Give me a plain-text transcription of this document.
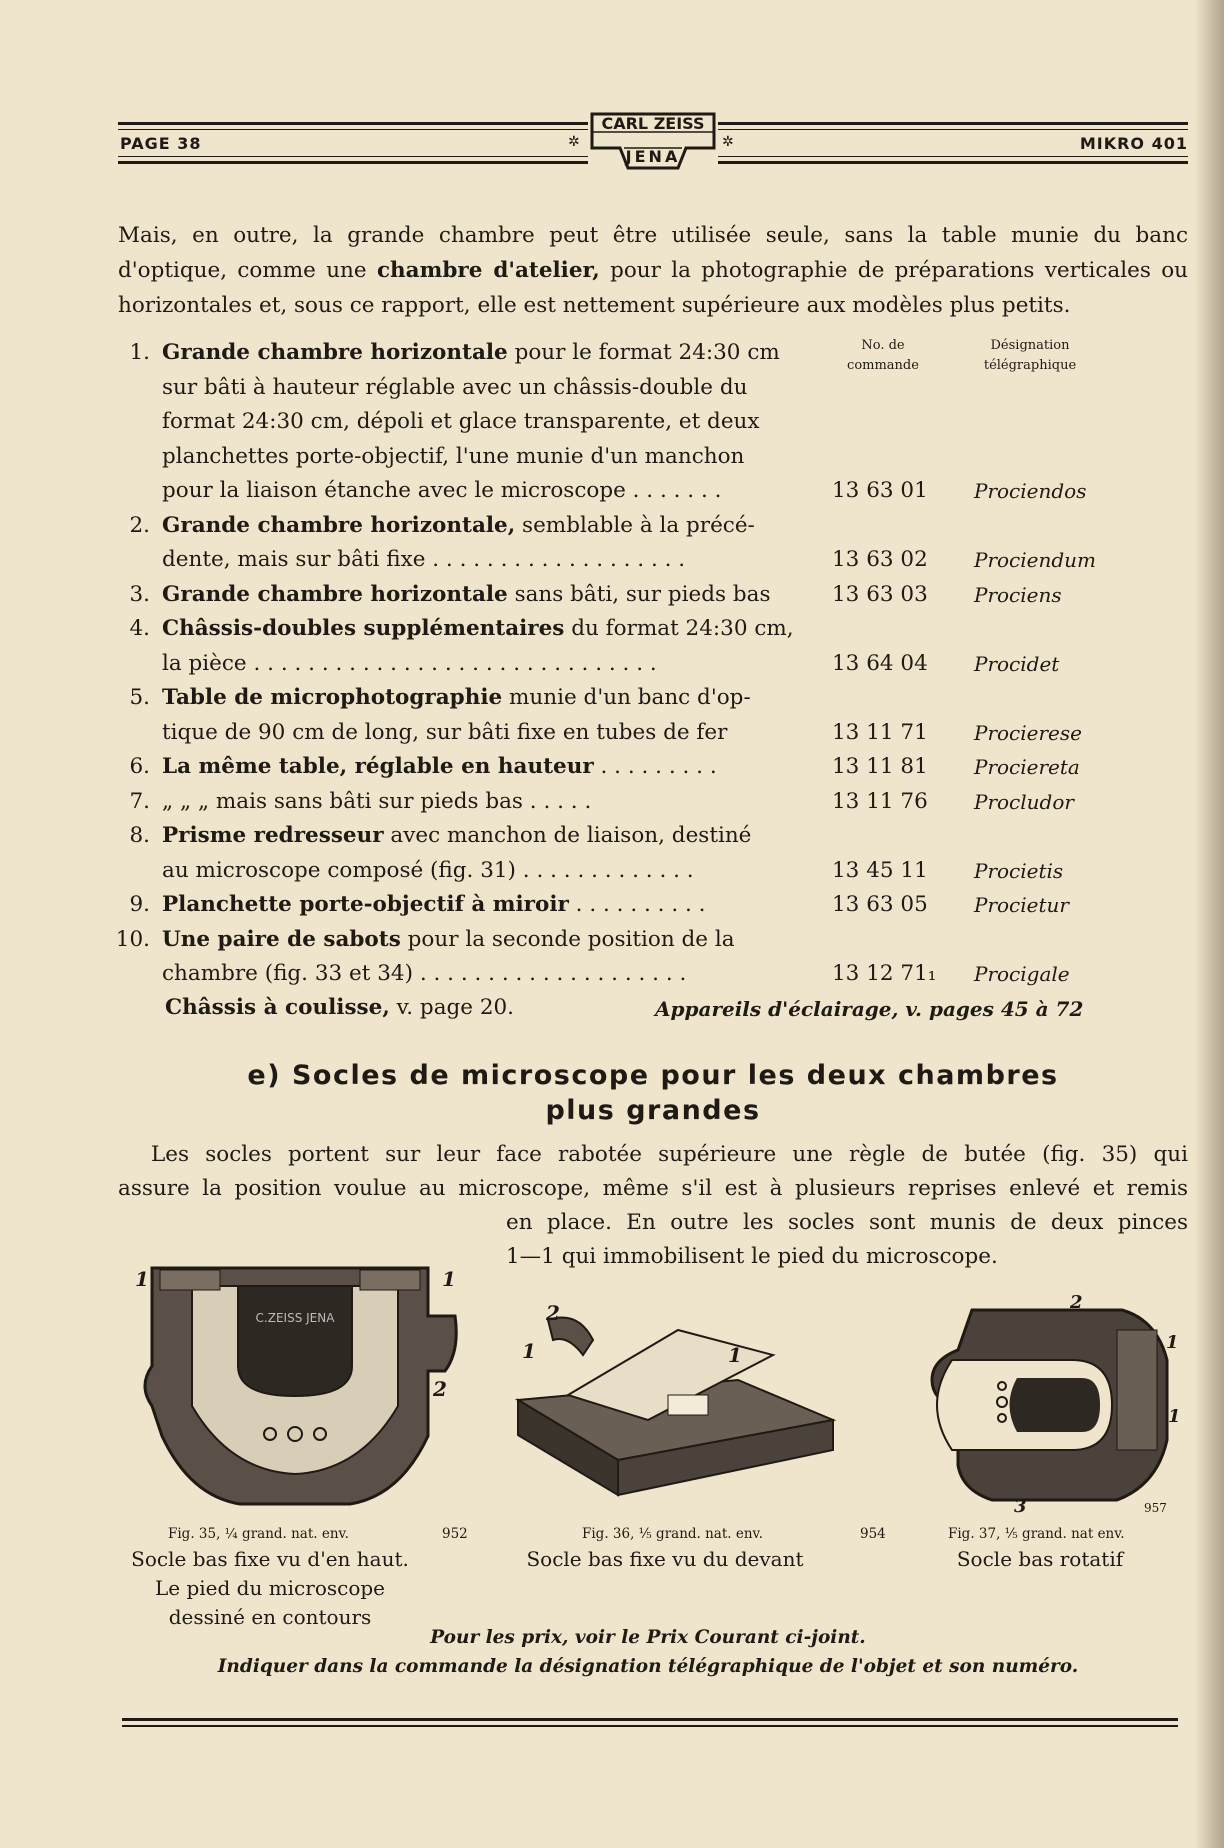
PAGE 38	✲	✲	MIKRO 401
CARL ZEISS
JENA
Mais, en outre, la grande chambre peut être utilisée seule, sans la table munie du banc d'optique, comme une chambre d'atelier, pour la photographie de préparations verticales ou horizontales et, sous ce rapport, elle est nettement supérieure aux modèles plus petits.
No. de
commande
Désignation
télégraphique
1. Grande chambre horizontale pour le format 24:30 cm
sur bâti à hauteur réglable avec un châssis-double du
format 24:30 cm, dépoli et glace transparente, et deux
planchettes porte-objectif, l'une munie d'un manchon
pour la liaison étanche avec le microscope . . . . . . .	13 63 01	Prociendos
2. Grande chambre horizontale, semblable à la précé-
dente, mais sur bâti fixe . . . . . . . . . . . . . . . . . . .	13 63 02	Prociendum
3. Grande chambre horizontale sans bâti, sur pieds bas	13 63 03	Prociens
4. Châssis-doubles supplémentaires du format 24:30 cm,
la pièce . . . . . . . . . . . . . . . . . . . . . . . . . . . . . .	13 64 04	Procidet
5. Table de microphotographie munie d'un banc d'op-
tique de 90 cm de long, sur bâti fixe en tubes de fer	13 11 71	Procierese
6. La même table, réglable en hauteur . . . . . . . . .	13 11 81	Prociereta
7. „ „ „ mais sans bâti sur pieds bas . . . . .	13 11 76	Procludor
8. Prisme redresseur avec manchon de liaison, destiné
au microscope composé (fig. 31) . . . . . . . . . . . . .	13 45 11	Procietis
9. Planchette porte-objectif à miroir . . . . . . . . . .	13 63 05	Procietur
10. Une paire de sabots pour la seconde position de la
chambre (fig. 33 et 34) . . . . . . . . . . . . . . . . . . . .	13 12 71₁ Procigale
Châssis à coulisse, v. page 20.	Appareils d'éclairage, v. pages 45 à 72
e) Socles de microscope pour les deux chambres
plus grandes
Les socles portent sur leur face rabotée supérieure une règle de butée (fig. 35) qui
assure la position voulue au microscope, même s'il est à plusieurs reprises enlevé et remis
en place. En outre les socles sont munis de deux pinces
1—1 qui immobilisent le pied du microscope.
C.ZEISS JENA
1	1
2
Fig. 35, ¼ grand. nat. env.	952
Socle bas fixe vu d'en haut.
Le pied du microscope
dessiné en contours
2
1	1
Fig. 36, ⅕ grand. nat. env.	954
Socle bas fixe vu du devant
2
1
1
3	957
Fig. 37, ⅕ grand. nat env.
Socle bas rotatif
Pour les prix, voir le Prix Courant ci-joint.
Indiquer dans la commande la désignation télégraphique de l'objet et son numéro.
